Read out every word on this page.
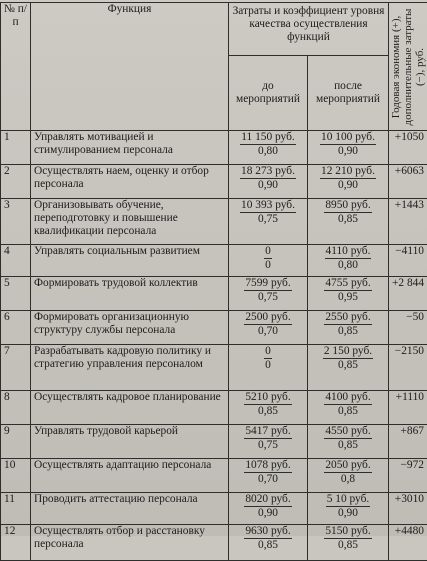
№ п/п	Функция	Затраты и коэффициент уровня качества осуществления функций		Годовая экономия (+), дополнительные затраты (−), руб.

		до мероприятий	после мероприятий	
1	Управлять мотивацией и стимулированием персонала	$\frac{\text{11 150 руб.}}{0,80}$	$\frac{\text{10 100 руб.}}{0,90}$	+1050
2	Осуществлять наем, оценку и отбор персонала	$\frac{\text{18 273 руб.}}{0,90}$	$\frac{\text{12 210 руб.}}{0,90}$	+6063
3	Организовывать обучение, переподготовку и повышение квалификации персонала	$\frac{\text{10 393 руб.}}{0,75}$	$\frac{\text{8950 руб.}}{0,85}$	+1443
4	Управлять социальным развитием	$\frac{0}{0}$	$\frac{\text{4110 руб.}}{0,80}$	−4110
5	Формировать трудовой коллектив	$\frac{\text{7599 руб.}}{0,75}$	$\frac{\text{4755 руб.}}{0,95}$	+2 844
6	Формировать организационную структуру службы персонала	$\frac{\text{2500 руб.}}{0,70}$	$\frac{\text{2550 руб.}}{0,85}$	−50
7	Разрабатывать кадровую политику и стратегию управления персоналом	$\frac{0}{0}$	$\frac{\text{2 150 руб.}}{0,85}$	−2150
8	Осуществлять кадровое планирование	$\frac{\text{5210 руб.}}{0,85}$	$\frac{\text{4100 руб.}}{0,85}$	+1110
9	Управлять трудовой карьерой	$\frac{\text{5417 руб.}}{0,75}$	$\frac{\text{4550 руб.}}{0,85}$	+867
10	Осуществлять адаптацию персонала	$\frac{\text{1078 руб.}}{0,70}$	$\frac{\text{2050 руб.}}{0,8}$	−972
11	Проводить аттестацию персонала	$\frac{\text{8020 руб.}}{0,90}$	$\frac{\text{5 10 руб.}}{0,90}$	+3010
12	Осуществлять отбор и расстановку персонала	$\frac{\text{9630 руб.}}{0,85}$	$\frac{\text{5150 руб.}}{0,85}$	+4480
